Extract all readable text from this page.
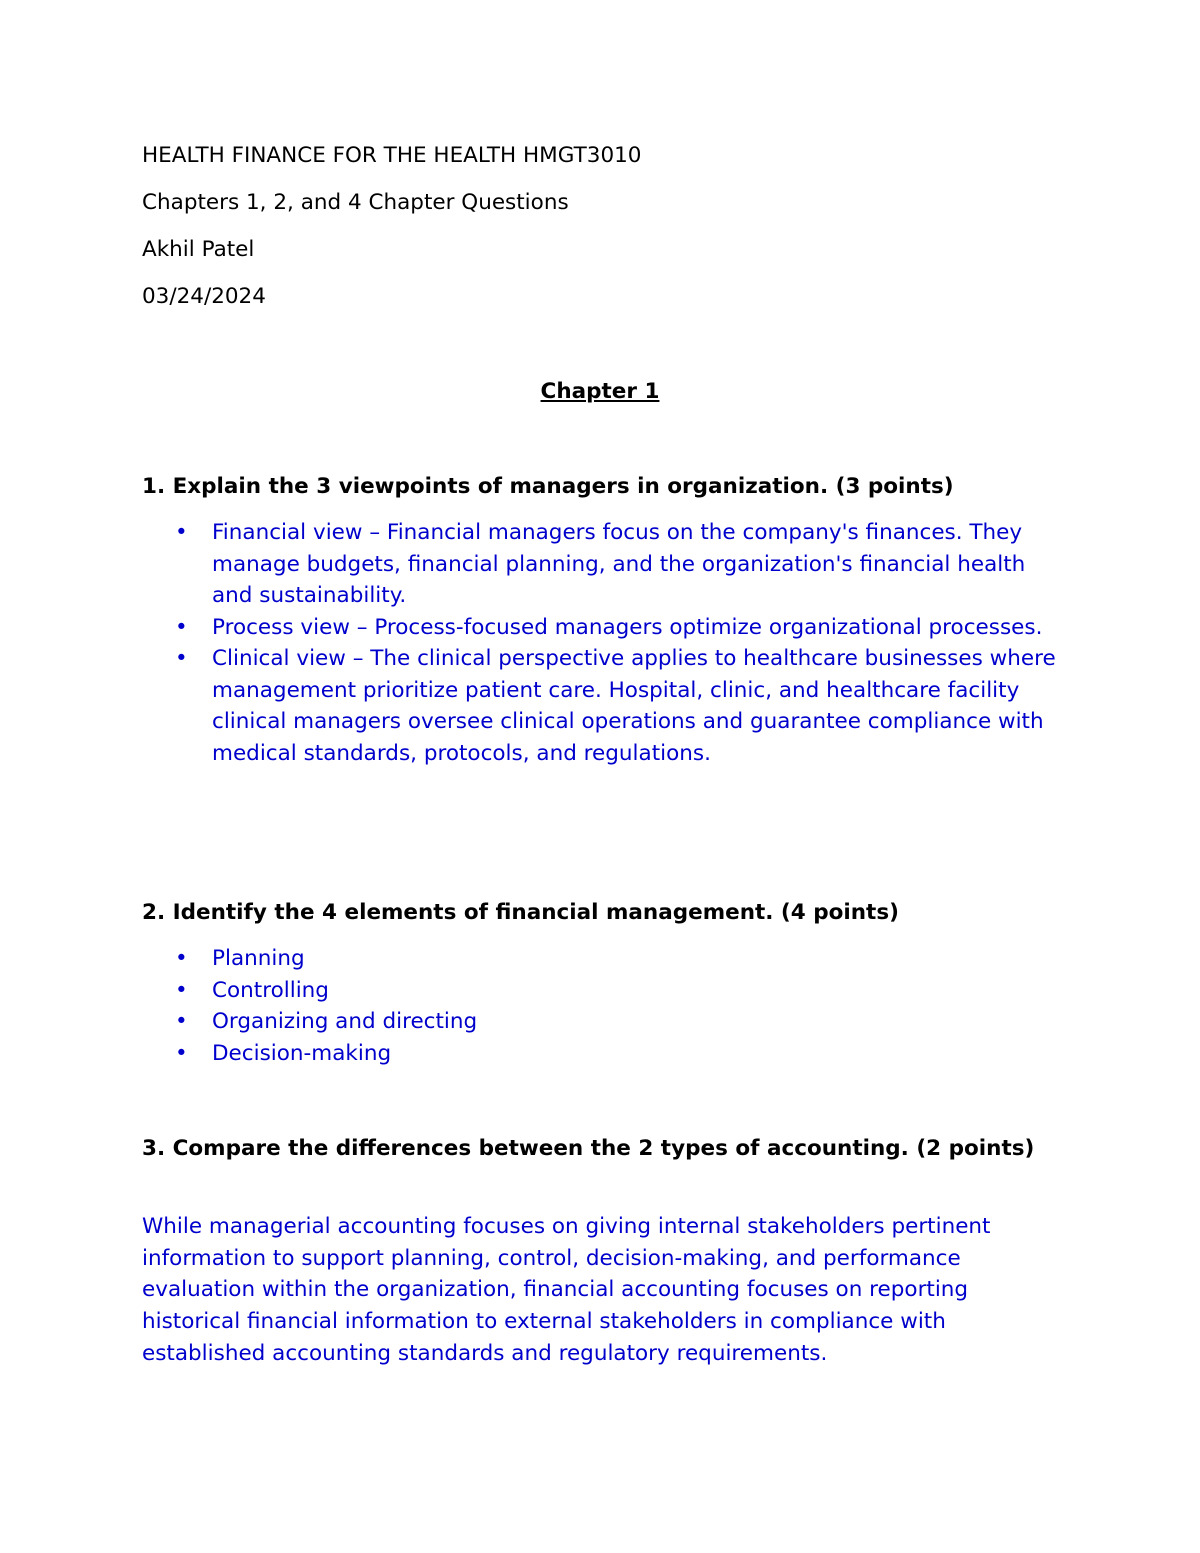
HEALTH FINANCE FOR THE HEALTH HMGT3010

Chapters 1, 2, and 4 Chapter Questions

Akhil Patel

03/24/2024

Chapter 1

1. Explain the 3 viewpoints of managers in organization. (3 points)

• Financial view – Financial managers focus on the company's finances. They manage budgets, financial planning, and the organization's financial health and sustainability.
• Process view – Process-focused managers optimize organizational processes.
• Clinical view – The clinical perspective applies to healthcare businesses where management prioritize patient care. Hospital, clinic, and healthcare facility clinical managers oversee clinical operations and guarantee compliance with medical standards, protocols, and regulations.

2. Identify the 4 elements of financial management. (4 points)

• Planning
• Controlling
• Organizing and directing
• Decision-making

3. Compare the differences between the 2 types of accounting. (2 points)

While managerial accounting focuses on giving internal stakeholders pertinent information to support planning, control, decision-making, and performance evaluation within the organization, financial accounting focuses on reporting historical financial information to external stakeholders in compliance with established accounting standards and regulatory requirements.
